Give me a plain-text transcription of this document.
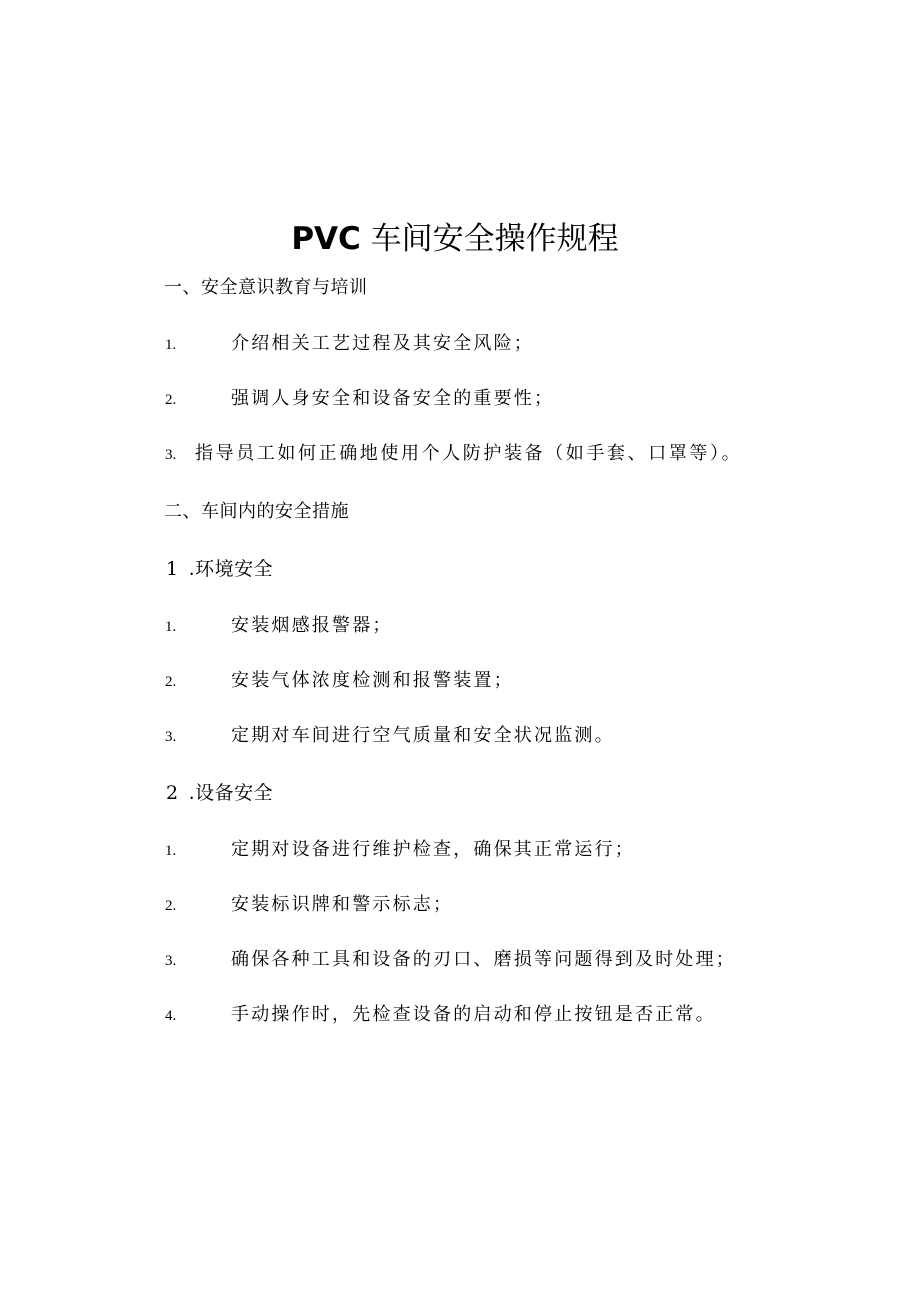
PVC 车间安全操作规程
一、安全意识教育与培训
1.	介绍相关工艺过程及其安全风险；
2.	强调人身安全和设备安全的重要性；
3. 指导员工如何正确地使用个人防护装备（如手套、口罩等）。
二、车间内的安全措施
1 .环境安全
1.	安装烟感报警器；
2.	安装气体浓度检测和报警装置；
3.	定期对车间进行空气质量和安全状况监测。
2 .设备安全
1.	定期对设备进行维护检查，确保其正常运行；
2.	安装标识牌和警示标志；
3.	确保各种工具和设备的刃口、磨损等问题得到及时处理；
4.	手动操作时，先检查设备的启动和停止按钮是否正常。
